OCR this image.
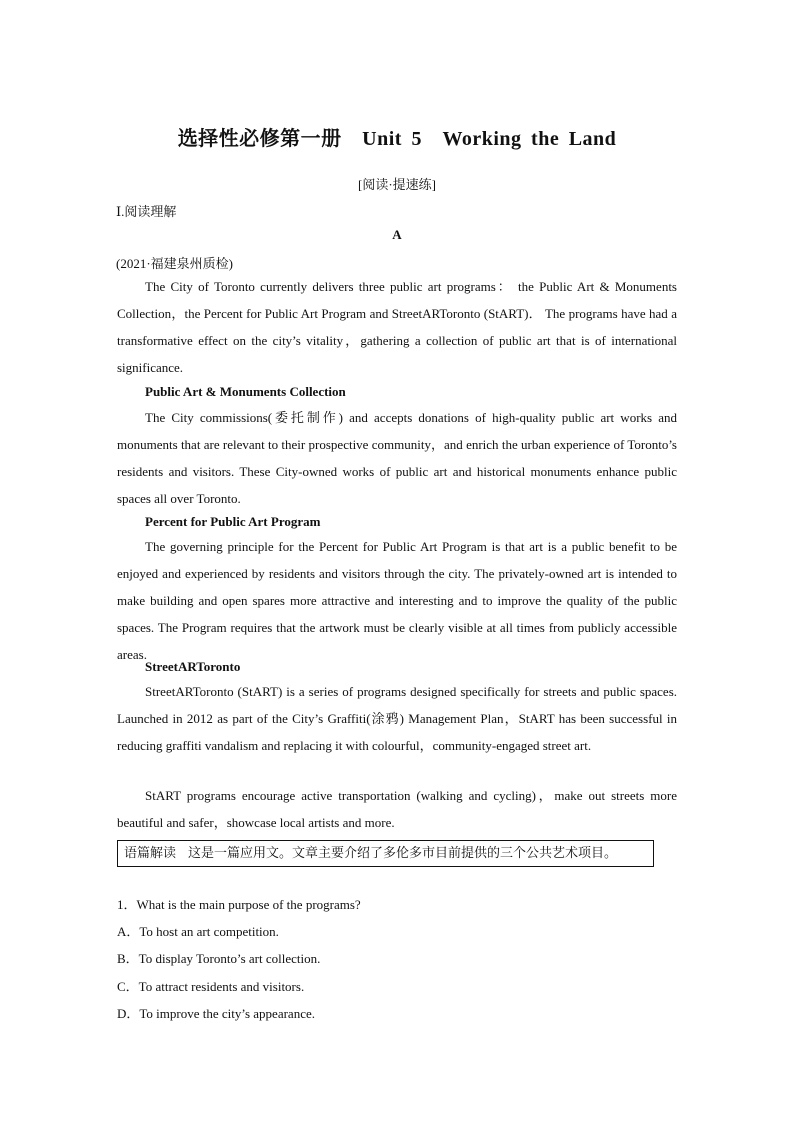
选择性必修第一册　Unit 5　Working the Land
[阅读·提速练]
Ⅰ.阅读理解
A
(2021·福建泉州质检)

The City of Toronto currently delivers three public art programs： the Public Art & Monuments Collection，the Percent for Public Art Program and StreetARToronto (StART)． The programs have had a transformative effect on the city’s vitality，gathering a collection of public art that is of international significance.

Public Art & Monuments Collection

The City commissions(委托制作) and accepts donations of high-quality public art works and monuments that are relevant to their prospective community，and enrich the urban experience of Toronto’s residents and visitors. These City-owned works of public art and historical monuments enhance public spaces all over Toronto.

Percent for Public Art Program

The governing principle for the Percent for Public Art Program is that art is a public benefit to be enjoyed and experienced by residents and visitors through the city. The privately-owned art is intended to make building and open spares more attractive and interesting and to improve the quality of the public spaces. The Program requires that the artwork must be clearly visible at all times from publicly accessible areas.

StreetARToronto

StreetARToronto (StART) is a series of programs designed specifically for streets and public spaces. Launched in 2012 as part of the City’s Graffiti(涂鸦) Management Plan，StART has been successful in reducing graffiti vandalism and replacing it with colourful，community-engaged street art.

StART programs encourage active transportation (walking and cycling)，make out streets more beautiful and safer，showcase local artists and more.

语篇解读 这是一篇应用文。文章主要介绍了多伦多市目前提供的三个公共艺术项目。
1．What is the main purpose of the programs?
A．To host an art competition.
B．To display Toronto’s art collection.
C．To attract residents and visitors.
D．To improve the city’s appearance.
